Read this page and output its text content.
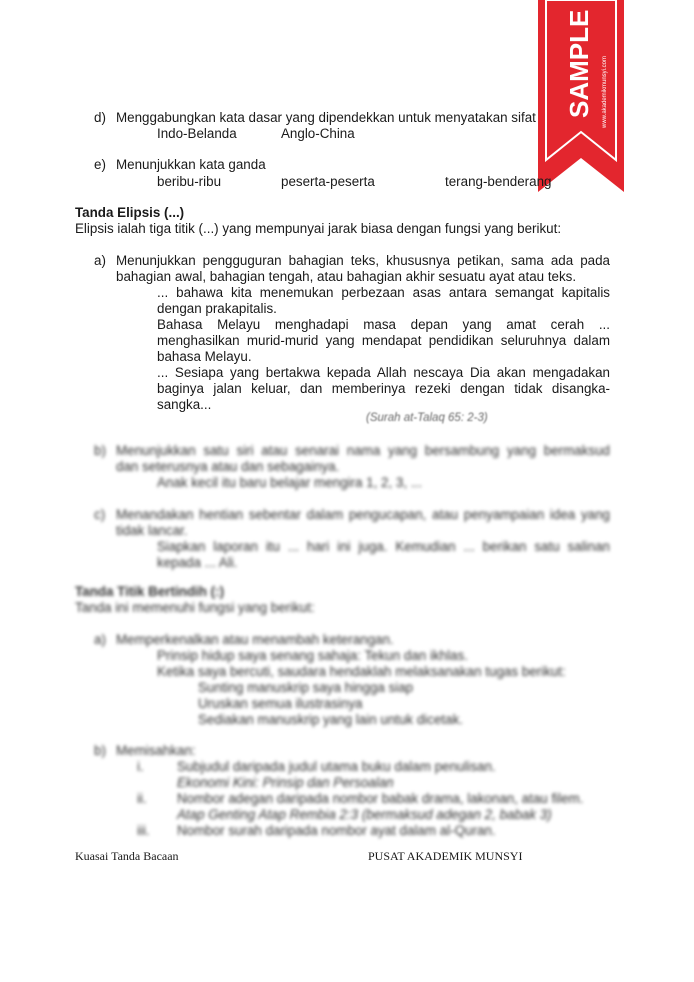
SAMPLE www.akademikmunsyi.com
d) Menggabungkan kata dasar yang dipendekkan untuk menyatakan sifat
Indo-Belanda	Anglo-China
e) Menunjukkan kata ganda
beribu-ribu	peserta-peserta	terang-benderang
Tanda Elipsis (...)
Elipsis ialah tiga titik (...) yang mempunyai jarak biasa dengan fungsi yang berikut:
a) Menunjukkan pengguguran bahagian teks, khususnya petikan, sama ada pada
bahagian awal, bahagian tengah, atau bahagian akhir sesuatu ayat atau teks.
... bahawa kita menemukan perbezaan asas antara semangat kapitalis
dengan prakapitalis.
Bahasa Melayu menghadapi masa depan yang amat cerah ...
menghasilkan murid-murid yang mendapat pendidikan seluruhnya dalam
bahasa Melayu.
... Sesiapa yang bertakwa kepada Allah nescaya Dia akan mengadakan
baginya jalan keluar, dan memberinya rezeki dengan tidak disangka-
sangka...
(Surah at-Talaq 65: 2-3)
b) Menunjukkan satu siri atau senarai nama yang bersambung yang bermaksud
dan seterusnya atau dan sebagainya.
Anak kecil itu baru belajar mengira 1, 2, 3, ...
c) Menandakan hentian sebentar dalam pengucapan, atau penyampaian idea yang
tidak lancar.
Siapkan laporan itu ... hari ini juga. Kemudian ... berikan satu salinan
kepada ... Ali.
Tanda Titik Bertindih (:)
Tanda ini memenuhi fungsi yang berikut:
a) Memperkenalkan atau menambah keterangan.
Prinsip hidup saya senang sahaja: Tekun dan ikhlas.
Ketika saya bercuti, saudara hendaklah melaksanakan tugas berikut:
Sunting manuskrip saya hingga siap
Uruskan semua ilustrasinya
Sediakan manuskrip yang lain untuk dicetak.
b) Memisahkan:
i. Subjudul daripada judul utama buku dalam penulisan.
Ekonomi Kini: Prinsip dan Persoalan
ii. Nombor adegan daripada nombor babak drama, lakonan, atau filem.
Atap Genting Atap Rembia 2:3 (bermaksud adegan 2, babak 3)
iii. Nombor surah daripada nombor ayat dalam al-Quran.
Kuasai Tanda Bacaan	PUSAT AKADEMIK MUNSYI
